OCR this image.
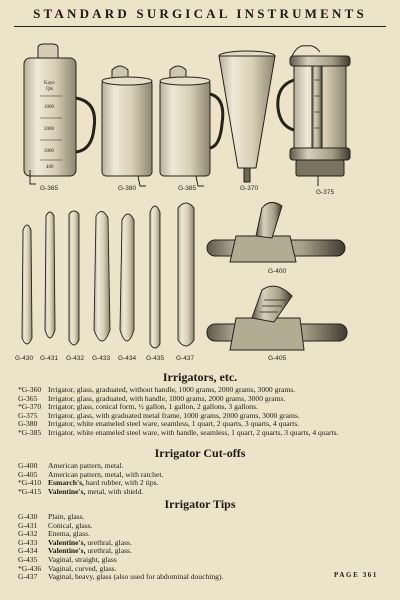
STANDARD SURGICAL INSTRUMENTS
Kaye
Qts
1000
2000
3000
400
G-365	G-380	G-385	G-370
G-375
G-430 G-431 G-432 G-433 G-434 G-435 G-437
G-400
G-405
Irrigators, etc.
*G-360 Irrigator, glass, graduated, without handle, 1000 grams, 2000 grams, 3000 grams.
G-365	Irrigator, glass, graduated, with handle, 1000 grams, 2000 grams, 3000 grams.
*G-370 Irrigator, glass, conical form, ½ gallon, 1 gallon, 2 gallons, 3 gallons.
G-375	Irrigator, glass, with graduated metal frame, 1000 grams, 2000 grams, 3000 grams.
G-380	Irrigator, white enameled steel ware, seamless, 1 quart, 2 quarts, 3 quarts, 4 quarts.
*G-385 Irrigator, white enameled steel ware, with handle, seamless, 1 quart, 2 quarts, 3 quarts, 4 quarts.
Irrigator Cut-offs
G-400	American pattern, metal.
G-405	American pattern, metal, with ratchet.
*G-410 Esmarch's, hard rubber, with 2 tips.
*G-415 Valentine's, metal, with shield.
Irrigator Tips
G-430	Plain, glass.
G-431	Conical, glass.
G-432	Enema, glass.
G-433	Valentine's, urethral, glass.
G-434	Valentine's, urethral, glass.
G-435	Vaginal, straight, glass
*G-436 Vaginal, curved, glass.
G-437	Vaginal, heavy, glass (also used for abdominal douching).	PAGE 361
